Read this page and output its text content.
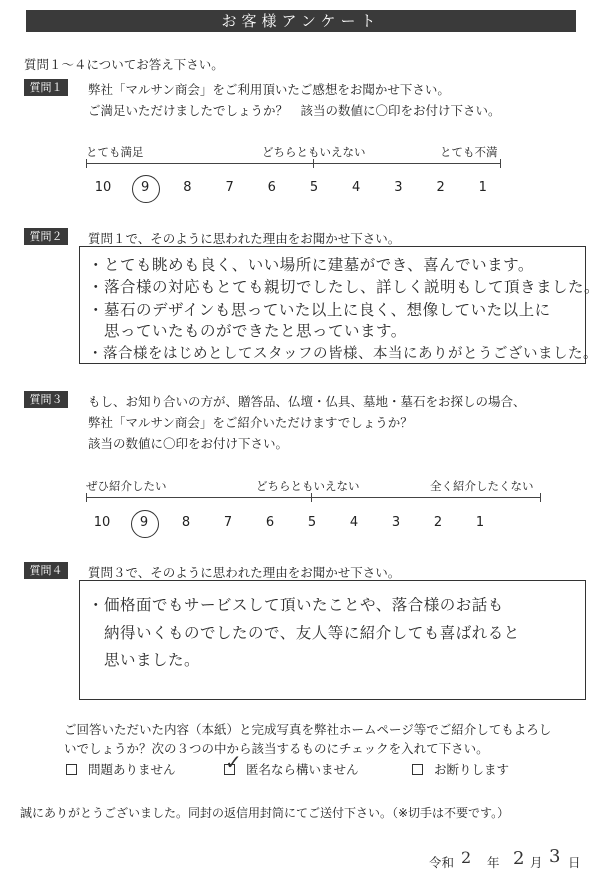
お客様アンケート
質問１～４についてお答え下さい。
質問１	弊社「マルサン商会」をご利用頂いたご感想をお聞かせ下さい。
ご満足いただけましたでしょうか？　該当の数値に〇印をお付け下さい。
とても満足	どちらともいえない	とても不満
10	9	8	7	6	5	4	3	2	1
質問２	質問１で、そのように思われた理由をお聞かせ下さい。
・とても眺めも良く、いい場所に建墓ができ、喜んでいます。
・落合様の対応もとても親切でしたし、詳しく説明もして頂きました。
・墓石のデザインも思っていた以上に良く、想像していた以上に
　思っていたものができたと思っています。
・落合様をはじめとしてスタッフの皆様、本当にありがとうございました。
質問３	もし、お知り合いの方が、贈答品、仏壇・仏具、墓地・墓石をお探しの場合、
弊社「マルサン商会」をご紹介いただけますでしょうか？
該当の数値に〇印をお付け下さい。
ぜひ紹介したい	どちらともいえない	全く紹介したくない
10	9	8	7	6	5	4	3	2	1
質問４	質問３で、そのように思われた理由をお聞かせ下さい。
・価格面でもサービスして頂いたことや、落合様のお話も
　納得いくものでしたので、友人等に紹介しても喜ばれると
　思いました。
ご回答いただいた内容（本紙）と完成写真を弊社ホームページ等でご紹介してもよろし
いでしょうか？次の３つの中から該当するものにチェックを入れて下さい。
問題ありません ✓ 匿名なら構いません	お断りします
誠にありがとうございました。同封の返信用封筒にてご送付下さい。（※切手は不要です。）
令和 2 年 2 月 3 日
